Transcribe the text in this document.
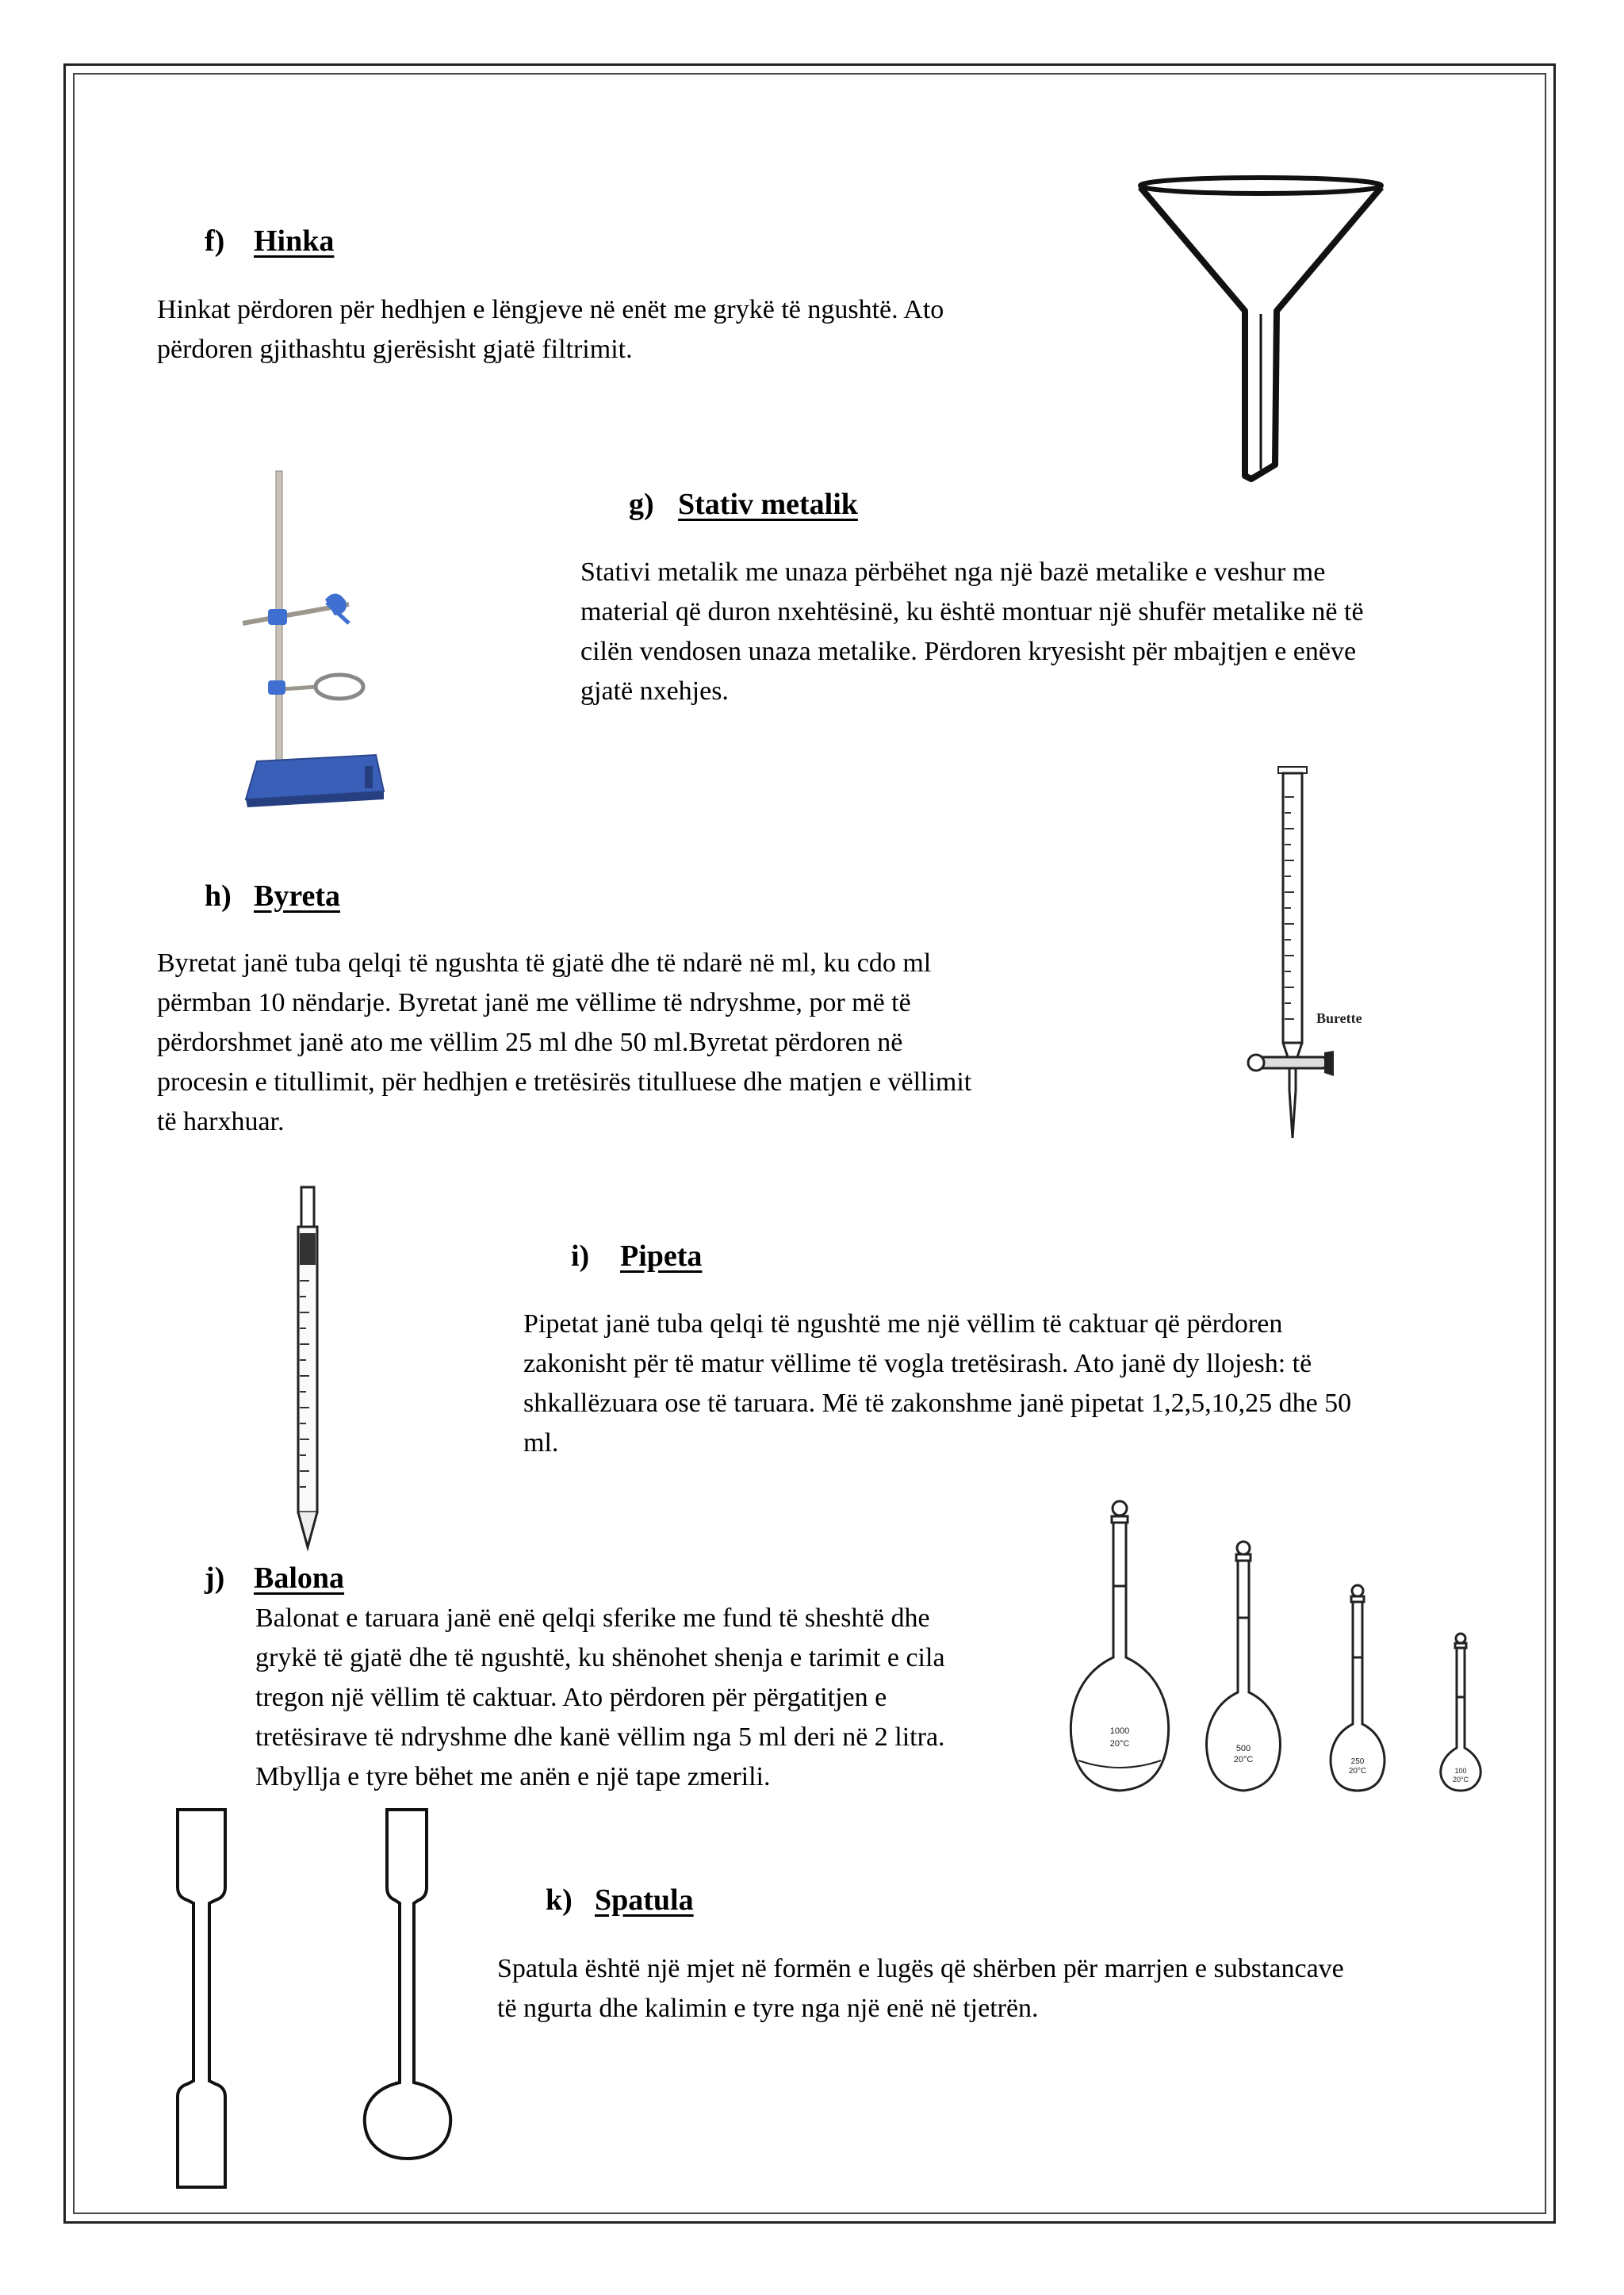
f) Hinka
Hinkat përdoren për hedhjen e lëngjeve në enët me grykë të ngushtë. Ato
përdoren gjithashtu gjerësisht gjatë filtrimit.
g) Stativ metalik
Stativi metalik me unaza përbëhet nga një bazë metalike e veshur me
material që duron nxehtësinë, ku është montuar një shufër metalike në të
cilën vendosen unaza metalike. Përdoren kryesisht për mbajtjen e enëve
gjatë nxehjes.
Burette
h) Byreta
Byretat janë tuba qelqi të ngushta të gjatë dhe të ndarë në ml, ku cdo ml
përmban 10 nëndarje. Byretat janë me vëllime të ndryshme, por më të
përdorshmet janë ato me vëllim 25 ml dhe 50 ml.Byretat përdoren në
procesin e titullimit, për hedhjen e tretësirës titulluese dhe matjen e vëllimit
të harxhuar.
i) Pipeta
Pipetat janë tuba qelqi të ngushtë me një vëllim të caktuar që përdoren
zakonisht për të matur vëllime të vogla tretësirash. Ato janë dy llojesh: të
shkallëzuara ose të taruara. Më të zakonshme janë pipetat 1,2,5,10,25 dhe 50
ml.
j) Balona
Balonat e taruara janë enë qelqi sferike me fund të sheshtë dhe
grykë të gjatë dhe të ngushtë, ku shënohet shenja e tarimit e cila
tregon një vëllim të caktuar. Ato përdoren për përgatitjen e
tretësirave të ndryshme dhe kanë vëllim nga 5 ml deri në 2 litra.
Mbyllja e tyre bëhet me anën e një tape zmerili.
1000
20°C	500
20°C	250
20°C	100
20°C
k) Spatula
Spatula është një mjet në formën e lugës që shërben për marrjen e substancave
të ngurta dhe kalimin e tyre nga një enë në tjetrën.
